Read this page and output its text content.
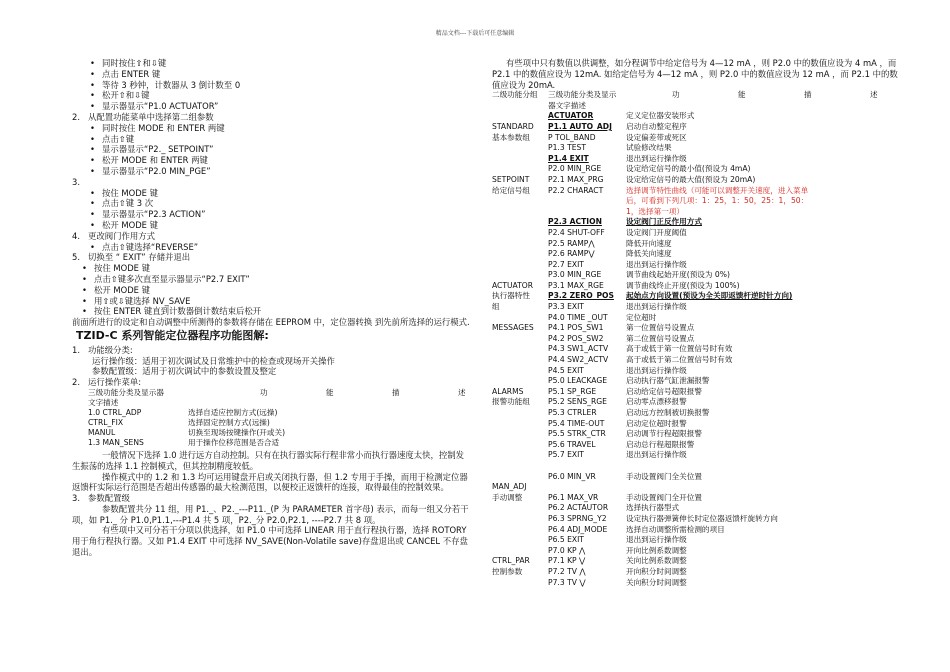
精品文档---下载后可任意编辑
• 同时按住⇧和⇩键
• 点击 ENTER 键
• 等待 3 秒钟，计数器从 3 倒计数至 0
• 松开⇧和⇩键
• 显示器显示“P1.0 ACTUATOR”
2. 从配置功能菜单中选择第二组参数
• 同时按住 MODE 和 ENTER 两键
• 点击⇧键
• 显示器显示“P2._ SETPOINT”
• 松开 MODE 和 ENTER 两键
• 显示器显示“P2.0 MIN_PGE”
3.
• 按住 MODE 键
• 点击⇧键 3 次
• 显示器显示“P2.3 ACTION”
• 松开 MODE 键
4. 更改阀门作用方式
• 点击⇧键选择“REVERSE”
5. 切换至 “ EXIT” 存储并退出
• 按住 MODE 键
• 点击⇧键多次直至显示器显示“P2.7 EXIT”
• 松开 MODE 键
• 用⇧或⇩键选择 NV_SAVE
• 按住 ENTER 键直到计数器倒计数结束后松开
前面所进行的设定和自动调整中所测得的参数将存储在 EEPROM 中，定位器转换 到先前所选择的运行模式.
TZID-C 系列智能定位器程序功能图解:
1. 功能级分类:
运行操作级：适用于初次调试及日常维护中的检查或现场开关操作
参数配置级：适用于初次调试中的参数设置及整定
2. 运行操作菜单:
三级功能分类及显示器	功 能 描 述
文字描述
1.0 CTRL_ADP	选择自适应控制方式(远操)
CTRL_FIX	选择固定控制方式(远操)
MANUL	切换至现场按键操作(开或关)
1.3 MAN_SENS	用于操作位移范围是否合适
一般情况下选择 1.0 进行远方自动控制。只有在执行器实际行程非常小而执行器速度太快，控制发生振荡的选择 1.1 控制模式，但其控制精度较低。
操作模式中的 1.2 和 1.3 均可运用键盘开启或关闭执行器，但 1.2 专用于手操，而用于检测定位器返馈杆实际运行范围是否超出传感器的最大检测范围，以便校正返馈杆的连接，取得最佳的控制效果。
3. 参数配置级
参数配置共分 11 组，用 P1._、P2._---P11._(P 为 PARAMETER 首字母) 表示，而每一组又分若干项，如 P1._ 分 P1.0,P1.1,---P1.4 共 5 项，P2._分 P2.0,P2.1, ----P2.7 共 8 项。
有些项中又可分若干分项以供选择，如 P1.0 中可选择 LINEAR 用于直行程执行器，选择 ROTORY 用于角行程执行器。又如 P1.4 EXIT 中可选择 NV_SAVE(Non-Volatile save)存盘退出或 CANCEL 不存盘退出。
有些项中只有数值以供调整，如分程调节中给定信号为 4—12 mA ，则 P2.0 中的数值应设为 4 mA ，而 P2.1 中的数值应设为 12mA. 如给定信号为 4—12 mA ，则 P2.0 中的数值应设为 12 mA ，而 P2.1 中的数值应设为 20mA.
二级功能分组	三级功能分类及显示器文字描述
功 能 描 述
ACTUATOR	定义定位器安装形式
STANDARD	P1.1 AUTO_ADJ 启动自动整定程序
基本参数组	P TOL_BAND	设定偏差带或死区
P1.3 TEST	试验修改结果
P1.4 EXIT	退出到运行操作级
P2.0 MIN_RGE	设定给定信号的最小值(预设为 4mA)
SETPOINT	P2.1 MAX_PRG	设定给定信号的最大值(预设为 20mA)
给定信号组	P2.2 CHARACT	选择调节特性曲线（可能可以调整开关速度，进入菜单后，可看到下列几项：1：25，1：50，25：1，50：1，选择第一项）
P2.3 ACTION	设定阀门正反作用方式
P2.4 SHUT-OFF	设定阀门开度阈值
P2.5 RAMP⋀	降低开向速度
P2.6 RAMP⋁	降低关向速度
P2.7 EXIT	退出到运行操作级
P3.0 MIN_RGE	调节曲线起始开度(预设为 0%)
ACTUATOR	P3.1 MAX_RGE	调节曲线终止开度(预设为 100%)
执行器特性	P3.2 ZERO_POS 起始点方向设置(预设为全关即返馈杆逆时针方向)
组	P3.3 EXIT	退出到运行操作级
P4.0 TIME _OUT 定位超时
MESSAGES	P4.1 POS_SW1	第一位置信号设置点
P4.2 POS_SW2	第二位置信号设置点
P4.3 SW1_ACTV 高于或低于第一位置信号时有效
P4.4 SW2_ACTV 高于或低于第二位置信号时有效
P4.5 EXIT	退出到运行操作级
P5.0 LEACKAGE 启动执行器气缸泄漏报警
ALARMS	P5.1 SP_RGE	启动给定信号超限报警
报警功能组	P5.2 SENS_RGE	启动零点漂移报警
P5.3 CTRLER	启动远方控制被切换报警
P5.4 TIME-OUT	启动定位超时报警
P5.5 STRK_CTR	启动调节行程超限报警
P5.6 TRAVEL	启动总行程超限报警
P5.7 EXIT	退出到运行操作级
P6.0 MIN_VR	手动设置阀门全关位置
MAN_ADJ
手动调整	P6.1 MAX_VR	手动设置阀门全开位置
P6.2 ACTAUTOR 选择执行器型式
P6.3 SPRNG_Y2	设定执行器弹簧伸长时定位器返馈杆旋转方向
P6.4 ADJ_MODE 选择自动调整所需检测的项目
P6.5 EXIT	退出到运行操作级
P7.0 KP ⋀	开向比例系数调整
CTRL_PAR	P7.1 KP ⋁	关向比例系数调整
控制参数	P7.2 TV ⋀	开向积分时间调整
P7.3 TV ⋁	关向积分时间调整
